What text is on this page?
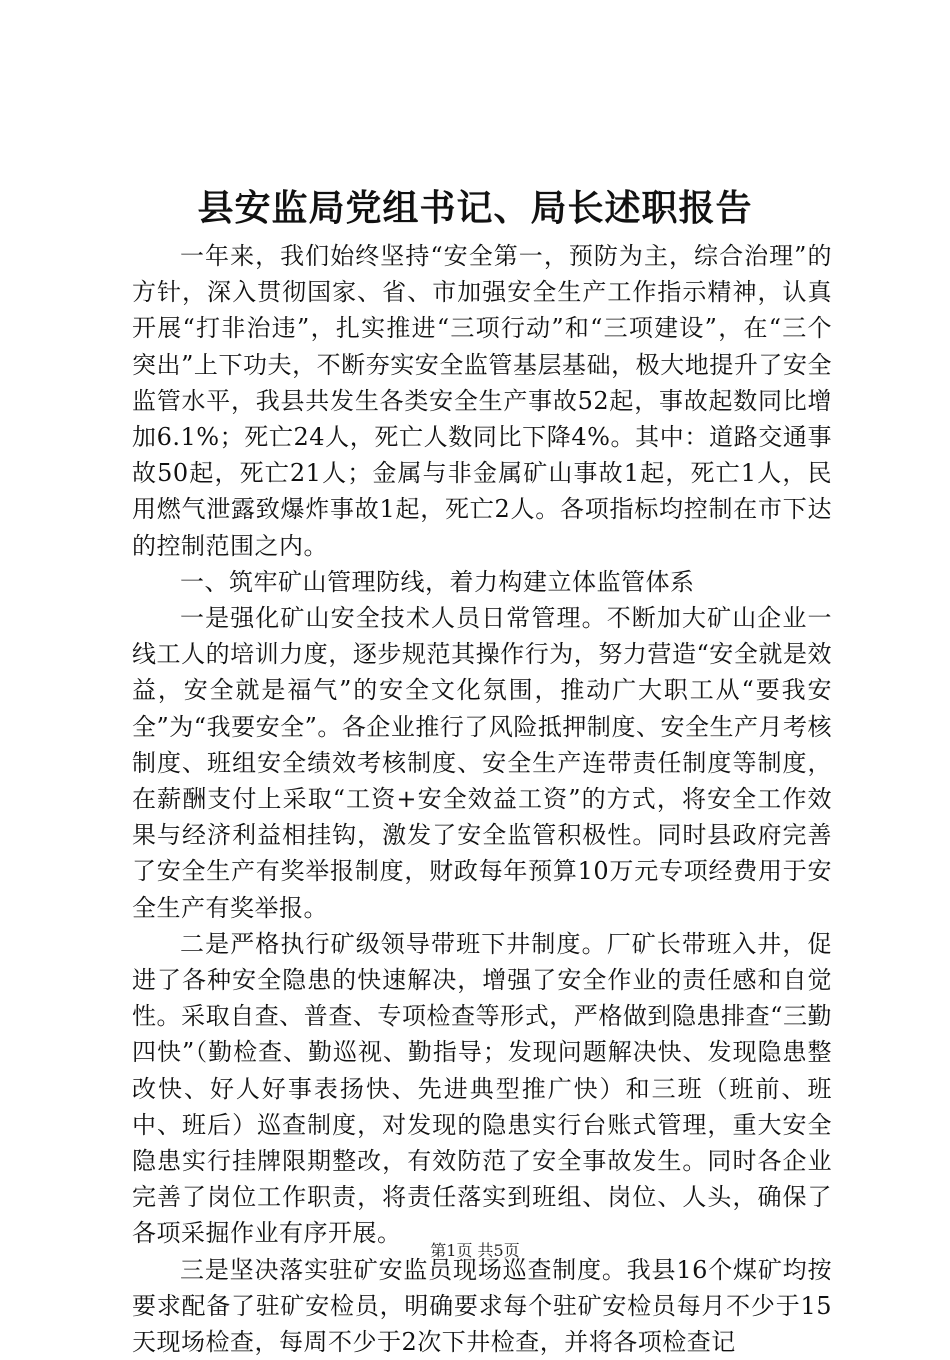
县安监局党组书记、局长述职报告

一年来，我们始终坚持“安全第一，预防为主，综合治理”的方针，深入贯彻国家、省、市加强安全生产工作指示精神，认真开展“打非治违”，扎实推进“三项行动”和“三项建设”，在“三个突出”上下功夫，不断夯实安全监管基层基础，极大地提升了安全监管水平，我县共发生各类安全生产事故52起，事故起数同比增加6.1%；死亡24人，死亡人数同比下降4%。其中：道路交通事故50起，死亡21人；金属与非金属矿山事故1起，死亡1人，民用燃气泄露致爆炸事故1起，死亡2人。各项指标均控制在市下达的控制范围之内。

一、筑牢矿山管理防线，着力构建立体监管体系

一是强化矿山安全技术人员日常管理。不断加大矿山企业一线工人的培训力度，逐步规范其操作行为，努力营造“安全就是效益，安全就是福气”的安全文化氛围，推动广大职工从“要我安全”为“我要安全”。各企业推行了风险抵押制度、安全生产月考核制度、班组安全绩效考核制度、安全生产连带责任制度等制度，在薪酬支付上采取“工资+安全效益工资”的方式，将安全工作效果与经济利益相挂钩，激发了安全监管积极性。同时县政府完善了安全生产有奖举报制度，财政每年预算10万元专项经费用于安全生产有奖举报。

二是严格执行矿级领导带班下井制度。厂矿长带班入井，促进了各种安全隐患的快速解决，增强了安全作业的责任感和自觉性。采取自查、普查、专项检查等形式，严格做到隐患排查“三勤四快”（勤检查、勤巡视、勤指导；发现问题解决快、发现隐患整改快、好人好事表扬快、先进典型推广快）和三班（班前、班中、班后）巡查制度，对发现的隐患实行台账式管理，重大安全隐患实行挂牌限期整改，有效防范了安全事故发生。同时各企业完善了岗位工作职责，将责任落实到班组、岗位、人头，确保了各项采掘作业有序开展。

三是坚决落实驻矿安监员现场巡查制度。我县16个煤矿均按要求配备了驻矿安检员，明确要求每个驻矿安检员每月不少于15天现场检查，每周不少于2次下井检查，并将各项检查记

第1页 共5页
